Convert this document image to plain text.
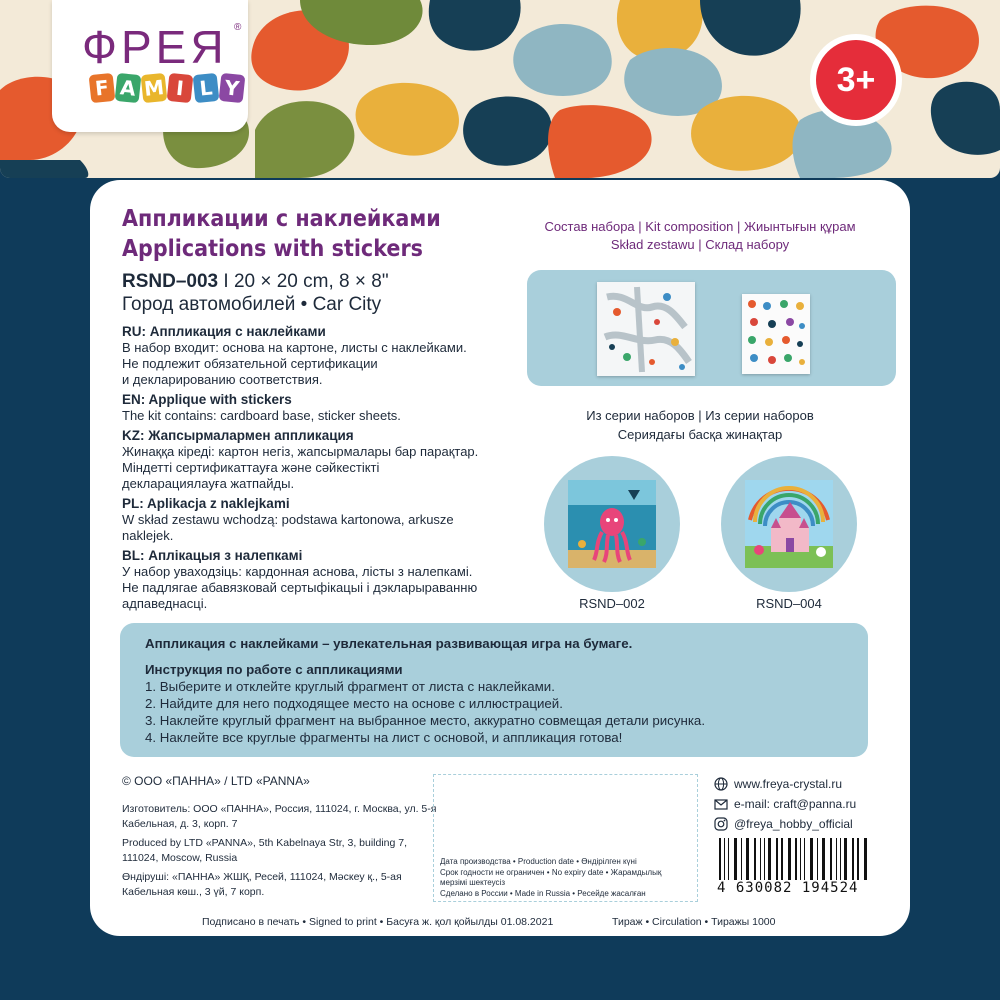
ФРЕЯ ®
F A M I L Y	3+
Аппликации с наклейками
Applications with stickers
RSND–003 I 20 × 20 cm, 8 × 8"
Город автомобилей • Car City
RU: Аппликация с наклейками
В набор входит: основа на картоне, листы с наклейками.
Не подлежит обязательной сертификации
и декларированию соответствия.
EN: Applique with stickers
The kit contains: cardboard base, sticker sheets.
KZ: Жапсырмалармен аппликация
Жинаққа кіреді: картон негіз, жапсырмалары бар парақтар.
Міндетті сертификаттауға және сәйкестікті
декларациялауға жатпайды.
PL: Aplikacja z naklejkami
W skład zestawu wchodzą: podstawa kartonowa, arkusze
naklejek.
BL: Аплікацыя з налепкамі
У набор уваходзіць: кардонная аснова, лісты з налепкамі.
Не падлягае абавязковай сертыфікацыі і дэкларыраванню
адпаведнасці.
Состав набора | Kit composition | Жиынтығын құрам
Skład zestawu | Склад набору
Из серии наборов | Из серии наборов
Сериядағы басқа жинақтар
RSND–002	RSND–004
Аппликация с наклейками – увлекательная развивающая игра на бумаге.
Инструкция по работе с аппликациями
1. Выберите и отклейте круглый фрагмент от листа с наклейками.
2. Найдите для него подходящее место на основе с иллюстрацией.
3. Наклейте круглый фрагмент на выбранное место, аккуратно совмещая детали рисунка.
4. Наклейте все круглые фрагменты на лист с основой, и аппликация готова!
© ООО «ПАННА» / LTD «PANNA»
Изготовитель: ООО «ПАННА», Россия, 111024, г. Москва, ул. 5-я Кабельная, д. 3, корп. 7
Produced by LTD «PANNA», 5th Kabelnaya Str, 3, building 7, 111024, Moscow, Russia
Өндіруші: «ПАННА» ЖШҚ, Ресей, 111024, Мәскеу қ., 5-ая Кабельная көш., 3 үй, 7 корп.
Дата производства • Production date • Өндірілген күні
Срок годности не ограничен • No expiry date • Жарамдылық
мерзімі шектеусіз
Сделано в России • Made in Russia • Ресейде жасалған
www.freya-crystal.ru
e-mail: craft@panna.ru
@freya_hobby_official
4 630082 194524
Подписано в печать • Signed to print • Басуға ж. қол қойылды 01.08.2021	Тираж • Circulation • Тиражы 1000
